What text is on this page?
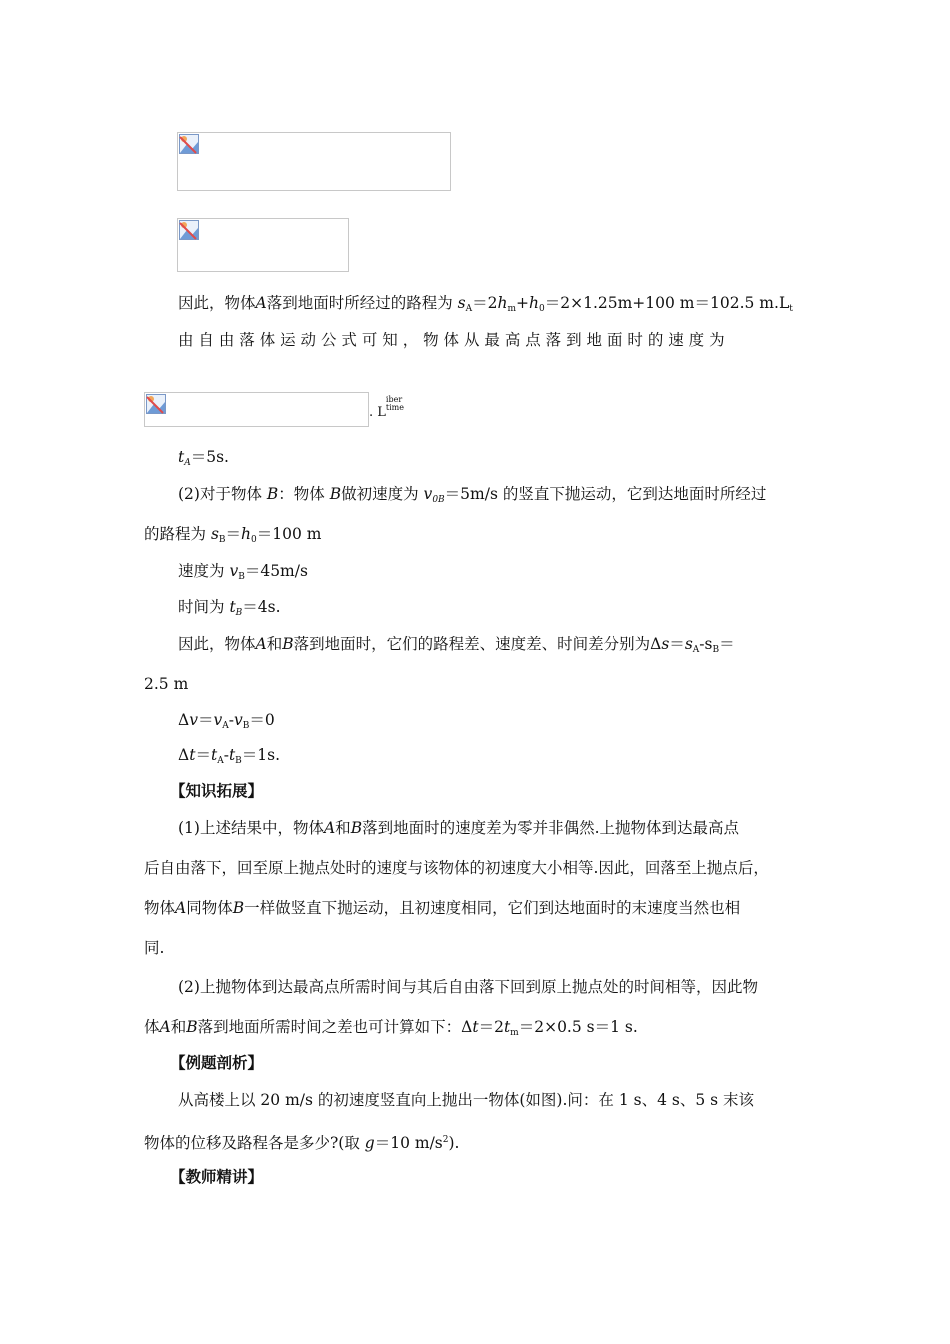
因此，物体A落到地面时所经过的路程为 sA＝2hm+h0＝2×1.25m+100 m＝102.5 m.Lt
由 自 由 落 体 运 动 公 式 可 知 ， 物 体 从 最 高 点 落 到 地 面 时 的 速 度 为
. L
iber
time
$t_A=5s$.
(2)对于物体 B：物体 B做初速度为 $v_{0B}=5m/s$ 的竖直下抛运动，它到达地面时所经过
的路程为 sB＝h0＝100 m
速度为 vB＝45m/s
时间为 $t_B=4s$.
因此，物体A和B落到地面时，它们的路程差、速度差、时间差分别为Δs＝sA-sB＝
2.5 m
Δv＝vA-vB＝0
Δt＝tA-tB＝1s.
【知识拓展】
(1)上述结果中，物体A和B落到地面时的速度差为零并非偶然.上抛物体到达最高点
后自由落下，回至原上抛点处时的速度与该物体的初速度大小相等.因此，回落至上抛点后，
物体A同物体B一样做竖直下抛运动，且初速度相同，它们到达地面时的末速度当然也相
同.
(2)上抛物体到达最高点所需时间与其后自由落下回到原上抛点处的时间相等，因此物
体A和B落到地面所需时间之差也可计算如下：Δt＝2tm＝2×0.5 s＝1 s.
【例题剖析】
从高楼上以 20 m/s 的初速度竖直向上抛出一物体(如图).问：在 1 s、4 s、5 s 末该
物体的位移及路程各是多少?(取 g＝10 $m/s^2$).
【教师精讲】
